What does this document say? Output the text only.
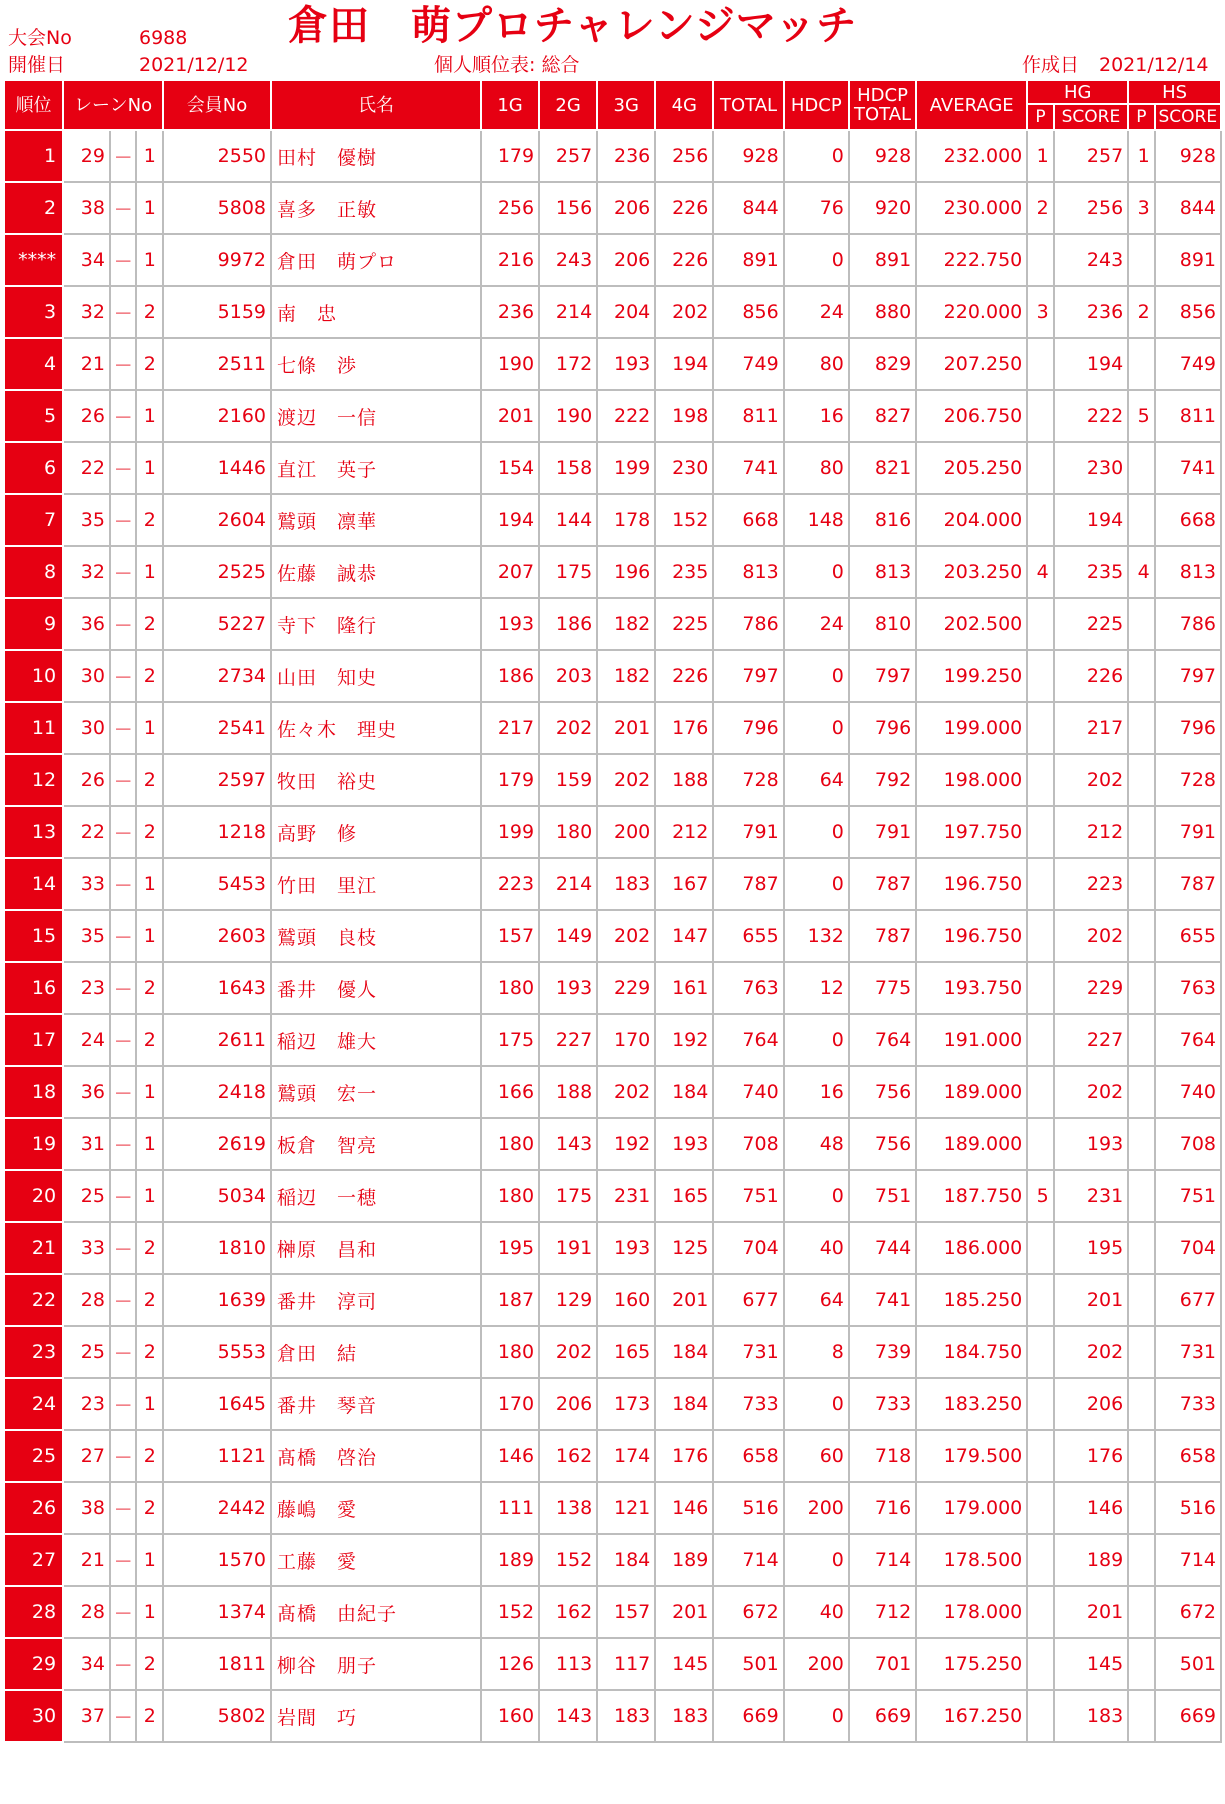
大会No	6988
開催日	2021/12/12
倉田　萌プロチャレンジマッチ
個人順位表: 総合	作成日 2021/12/14
順位	レーンNo			会員No	氏名	1G	2G	3G	4G	TOTAL	HDCP	HDCP
TOTAL	AVERAGE	HG		HS	
														P	SCORE	P	SCORE
1	29	－	1	2550	田村　優樹	179	257	236	256	928	0	928	232.000	1	257	1	928
2	38	－	1	5808	喜多　正敏	256	156	206	226	844	76	920	230.000	2	256	3	844
****	34	－	1	9972	倉田　萌プロ	216	243	206	226	891	0	891	222.750		243		891
3	32	－	2	5159	南　忠	236	214	204	202	856	24	880	220.000	3	236	2	856
4	21	－	2	2511	七條　渉	190	172	193	194	749	80	829	207.250		194		749
5	26	－	1	2160	渡辺　一信	201	190	222	198	811	16	827	206.750		222	5	811
6	22	－	1	1446	直江　英子	154	158	199	230	741	80	821	205.250		230		741
7	35	－	2	2604	鷲頭　凛華	194	144	178	152	668	148	816	204.000		194		668
8	32	－	1	2525	佐藤　誠恭	207	175	196	235	813	0	813	203.250	4	235	4	813
9	36	－	2	5227	寺下　隆行	193	186	182	225	786	24	810	202.500		225		786
10	30	－	2	2734	山田　知史	186	203	182	226	797	0	797	199.250		226		797
11	30	－	1	2541	佐々木　理史	217	202	201	176	796	0	796	199.000		217		796
12	26	－	2	2597	牧田　裕史	179	159	202	188	728	64	792	198.000		202		728
13	22	－	2	1218	高野　修	199	180	200	212	791	0	791	197.750		212		791
14	33	－	1	5453	竹田　里江	223	214	183	167	787	0	787	196.750		223		787
15	35	－	1	2603	鷲頭　良枝	157	149	202	147	655	132	787	196.750		202		655
16	23	－	2	1643	番井　優人	180	193	229	161	763	12	775	193.750		229		763
17	24	－	2	2611	稲辺　雄大	175	227	170	192	764	0	764	191.000		227		764
18	36	－	1	2418	鷲頭　宏一	166	188	202	184	740	16	756	189.000		202		740
19	31	－	1	2619	板倉　智亮	180	143	192	193	708	48	756	189.000		193		708
20	25	－	1	5034	稲辺　一穂	180	175	231	165	751	0	751	187.750	5	231		751
21	33	－	2	1810	榊原　昌和	195	191	193	125	704	40	744	186.000		195		704
22	28	－	2	1639	番井　淳司	187	129	160	201	677	64	741	185.250		201		677
23	25	－	2	5553	倉田　結	180	202	165	184	731	8	739	184.750		202		731
24	23	－	1	1645	番井　琴音	170	206	173	184	733	0	733	183.250		206		733
25	27	－	2	1121	髙橋　啓治	146	162	174	176	658	60	718	179.500		176		658
26	38	－	2	2442	藤嶋　愛	111	138	121	146	516	200	716	179.000		146		516
27	21	－	1	1570	工藤　愛	189	152	184	189	714	0	714	178.500		189		714
28	28	－	1	1374	髙橋　由紀子	152	162	157	201	672	40	712	178.000		201		672
29	34	－	2	1811	柳谷　朋子	126	113	117	145	501	200	701	175.250		145		501
30	37	－	2	5802	岩間　巧	160	143	183	183	669	0	669	167.250		183		669
